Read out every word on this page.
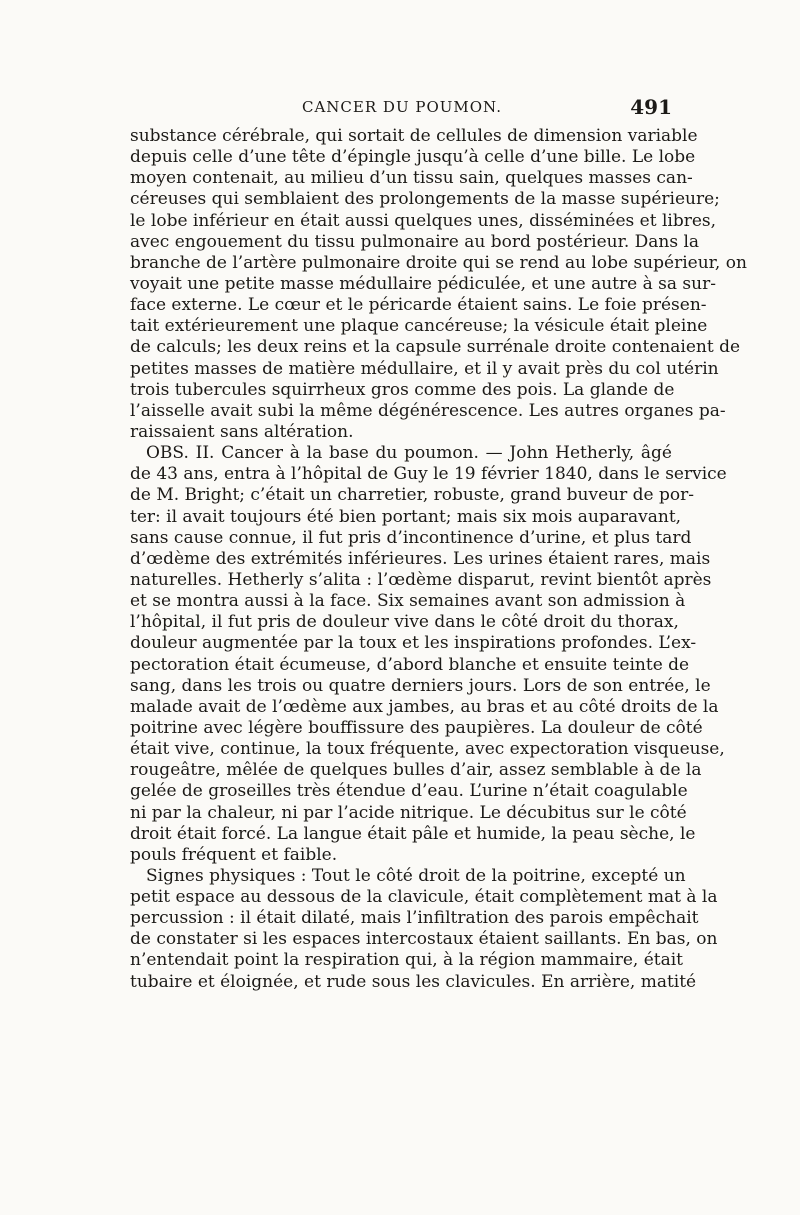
CANCER DU POUMON.	491
substance cérébrale, qui sortait de cellules de dimension variable
depuis celle d’une tête d’épingle jusqu’à celle d’une bille. Le lobe
moyen contenait, au milieu d’un tissu sain, quelques masses can-
céreuses qui semblaient des prolongements de la masse supérieure;
le lobe inférieur en était aussi quelques unes, disséminées et libres,
avec engouement du tissu pulmonaire au bord postérieur. Dans la
branche de l’artère pulmonaire droite qui se rend au lobe supérieur, on
voyait une petite masse médullaire pédiculée, et une autre à sa sur-
face externe. Le cœur et le péricarde étaient sains. Le foie présen-
tait extérieurement une plaque cancéreuse; la vésicule était pleine
de calculs; les deux reins et la capsule surrénale droite contenaient de
petites masses de matière médullaire, et il y avait près du col utérin
trois tubercules squirrheux gros comme des pois. La glande de
l’aisselle avait subi la même dégénérescence. Les autres organes pa-
raissaient sans altération.
OBS. II. Cancer à la base du poumon. — John Hetherly, âgé
de 43 ans, entra à l’hôpital de Guy le 19 février 1840, dans le service
de M. Bright; c’était un charretier, robuste, grand buveur de por-
ter: il avait toujours été bien portant; mais six mois auparavant,
sans cause connue, il fut pris d’incontinence d’urine, et plus tard
d’œdème des extrémités inférieures. Les urines étaient rares, mais
naturelles. Hetherly s’alita : l’œdème disparut, revint bientôt après
et se montra aussi à la face. Six semaines avant son admission à
l’hôpital, il fut pris de douleur vive dans le côté droit du thorax,
douleur augmentée par la toux et les inspirations profondes. L’ex-
pectoration était écumeuse, d’abord blanche et ensuite teinte de
sang, dans les trois ou quatre derniers jours. Lors de son entrée, le
malade avait de l’œdème aux jambes, au bras et au côté droits de la
poitrine avec légère bouffissure des paupières. La douleur de côté
était vive, continue, la toux fréquente, avec expectoration visqueuse,
rougeâtre, mêlée de quelques bulles d’air, assez semblable à de la
gelée de groseilles très étendue d’eau. L’urine n’était coagulable
ni par la chaleur, ni par l’acide nitrique. Le décubitus sur le côté
droit était forcé. La langue était pâle et humide, la peau sèche, le
pouls fréquent et faible.
Signes physiques : Tout le côté droit de la poitrine, excepté un
petit espace au dessous de la clavicule, était complètement mat à la
percussion : il était dilaté, mais l’infiltration des parois empêchait
de constater si les espaces intercostaux étaient saillants. En bas, on
n’entendait point la respiration qui, à la région mammaire, était
tubaire et éloignée, et rude sous les clavicules. En arrière, matité
